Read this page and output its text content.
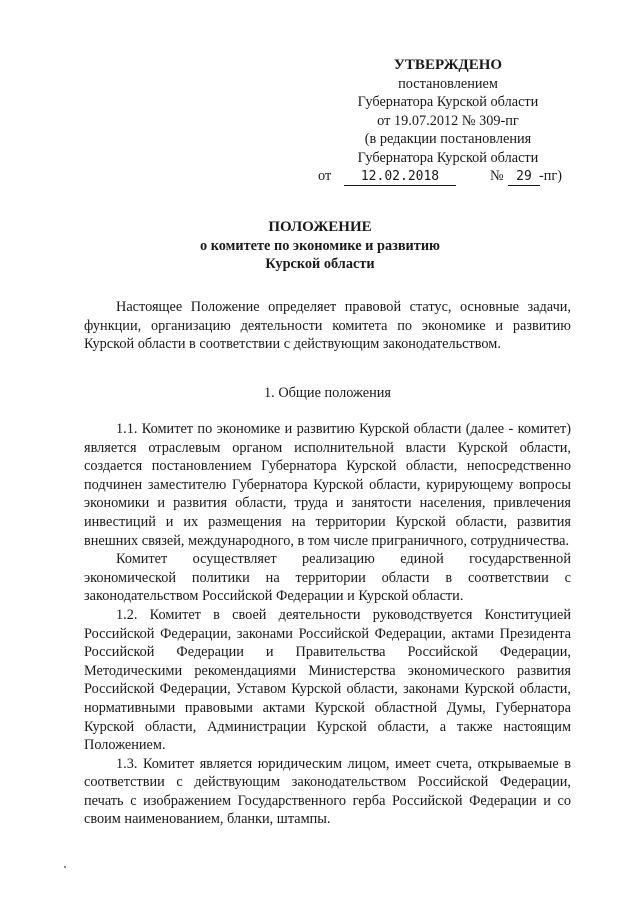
УТВЕРЖДЕНО
постановлением
Губернатора Курской области
от 19.07.2012 № 309-пг
(в редакции постановления
Губернатора Курской области
от	12.02.2018	№ 29 -пг)
ПОЛОЖЕНИЕ
о комитете по экономике и развитию
Курской области

Настоящее Положение определяет правовой статус, основные задачи, функции, организацию деятельности комитета по экономике и развитию Курской области в соответствии с действующим законодательством.

1. Общие положения

1.1. Комитет по экономике и развитию Курской области (далее - комитет) является отраслевым органом исполнительной власти Курской области, создается постановлением Губернатора Курской области, непосредственно подчинен заместителю Губернатора Курской области, курирующему вопросы экономики и развития области, труда и занятости населения, привлечения инвестиций и их размещения на территории Курской области, развития внешних связей, международного, в том числе приграничного, сотрудничества.

Комитет осуществляет реализацию единой государственной экономической политики на территории области в соответствии с законодательством Российской Федерации и Курской области.

1.2. Комитет в своей деятельности руководствуется Конституцией Российской Федерации, законами Российской Федерации, актами Президента Российской Федерации и Правительства Российской Федерации, Методическими рекомендациями Министерства экономического развития Российской Федерации, Уставом Курской области, законами Курской области, нормативными правовыми актами Курской областной Думы, Губернатора Курской области, Администрации Курской области, а также настоящим Положением.

1.3. Комитет является юридическим лицом, имеет счета, открываемые в соответствии с действующим законодательством Российской Федерации, печать с изображением Государственного герба Российской Федерации и со своим наименованием, бланки, штампы.
